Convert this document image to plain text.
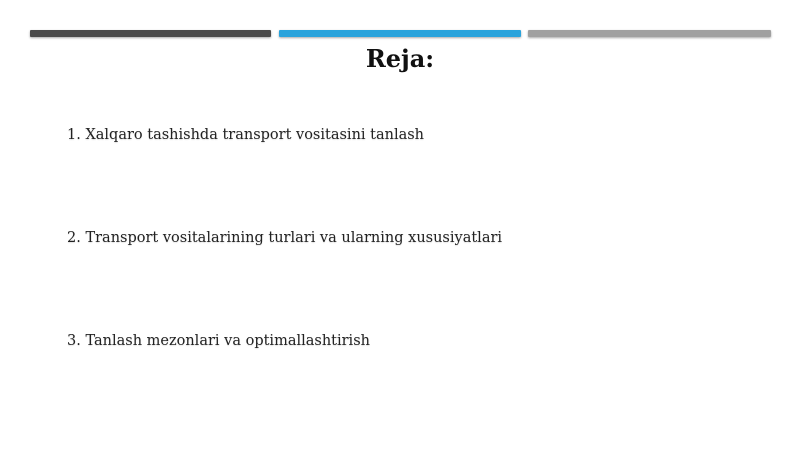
Reja:
1. Xalqaro tashishda transport vositasini tanlash
2. Transport vositalarining turlari va ularning xususiyatlari
3. Tanlash mezonlari va optimallashtirish
